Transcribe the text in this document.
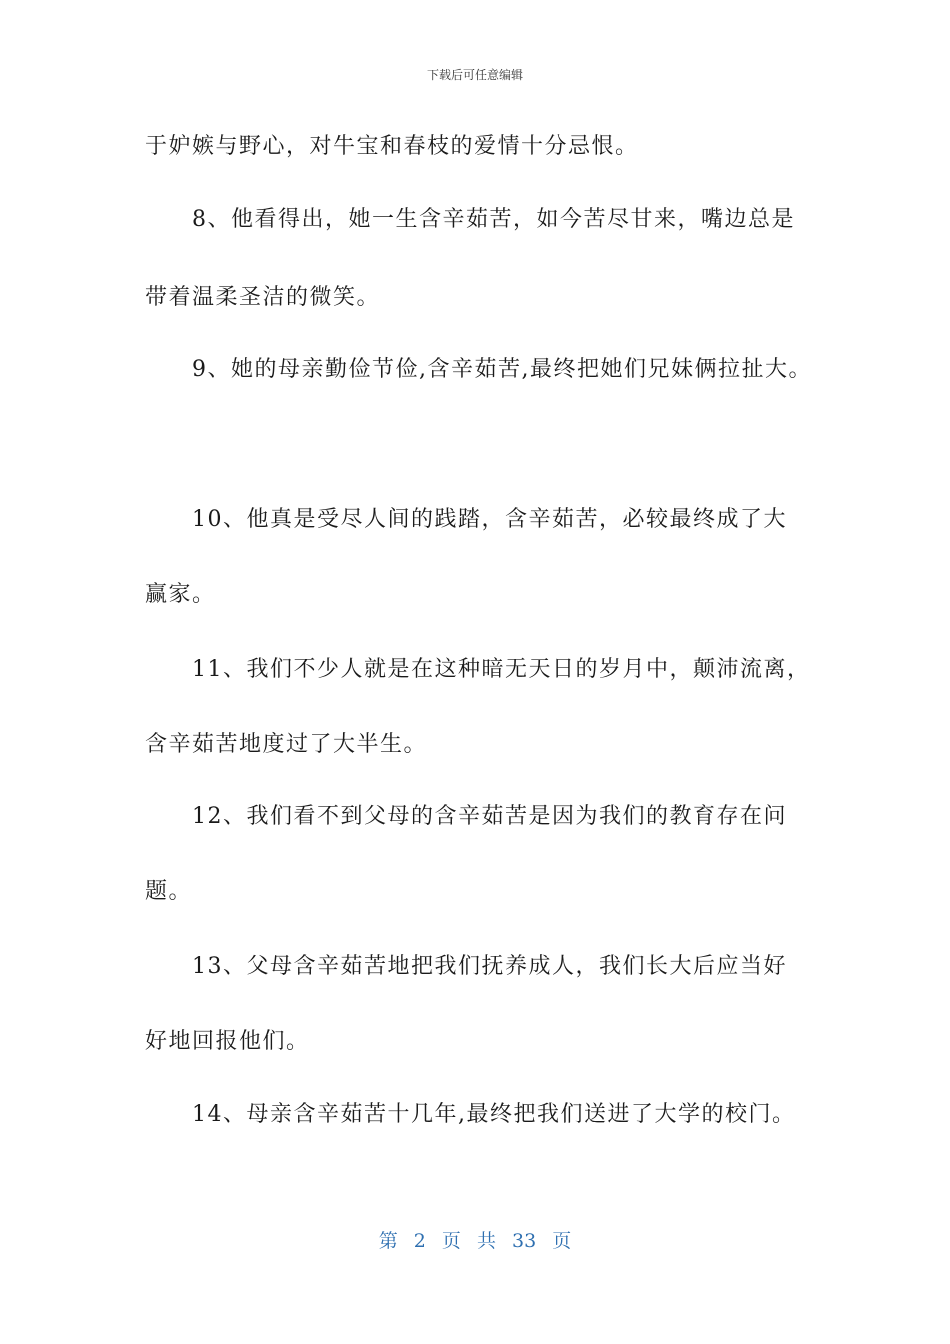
下载后可任意编辑
于妒嫉与野心，对牛宝和春枝的爱情十分忌恨。
8、他看得出，她一生含辛茹苦，如今苦尽甘来，嘴边总是
带着温柔圣洁的微笑。
9、她的母亲勤俭节俭,含辛茹苦,最终把她们兄妹俩拉扯大。
10、他真是受尽人间的践踏，含辛茹苦，必较最终成了大
赢家。
11、我们不少人就是在这种暗无天日的岁月中，颠沛流离，
含辛茹苦地度过了大半生。
12、我们看不到父母的含辛茹苦是因为我们的教育存在问
题。
13、父母含辛茹苦地把我们抚养成人，我们长大后应当好
好地回报他们。
14、母亲含辛茹苦十几年,最终把我们送进了大学的校门。
第 2 页 共 33 页
